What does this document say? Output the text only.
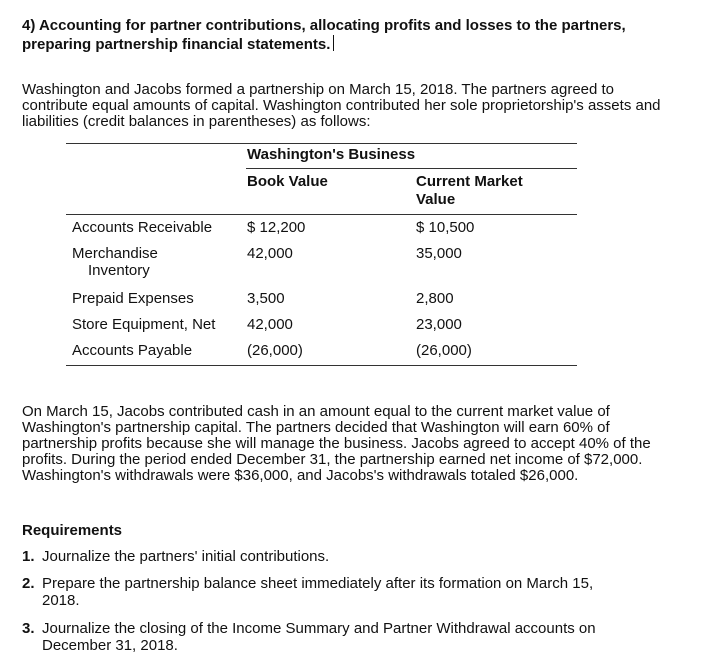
4) Accounting for partner contributions, allocating profits and losses to the partners, preparing partnership financial statements.
Washington and Jacobs formed a partnership on March 15, 2018. The partners agreed to contribute equal amounts of capital. Washington contributed her sole proprietorship's assets and liabilities (credit balances in parentheses) as follows:
Washington's Business
Book Value	Current Market
Value
Accounts Receivable $ 12,200	$ 10,500
Merchandise
Inventory
42,000	35,000
Prepaid Expenses	3,500	2,800
Store Equipment, Net 42,000	23,000
Accounts Payable	(26,000)	(26,000)
On March 15, Jacobs contributed cash in an amount equal to the current market value of Washington's partnership capital. The partners decided that Washington will earn 60% of partnership profits because she will manage the business. Jacobs agreed to accept 40% of the profits. During the period ended December 31, the partnership earned net income of $72,000. Washington's withdrawals were $36,000, and Jacobs's withdrawals totaled $26,000.
Requirements
1. Journalize the partners' initial contributions.
2. Prepare the partnership balance sheet immediately after its formation on March 15,
2018.
3. Journalize the closing of the Income Summary and Partner Withdrawal accounts on
December 31, 2018.
